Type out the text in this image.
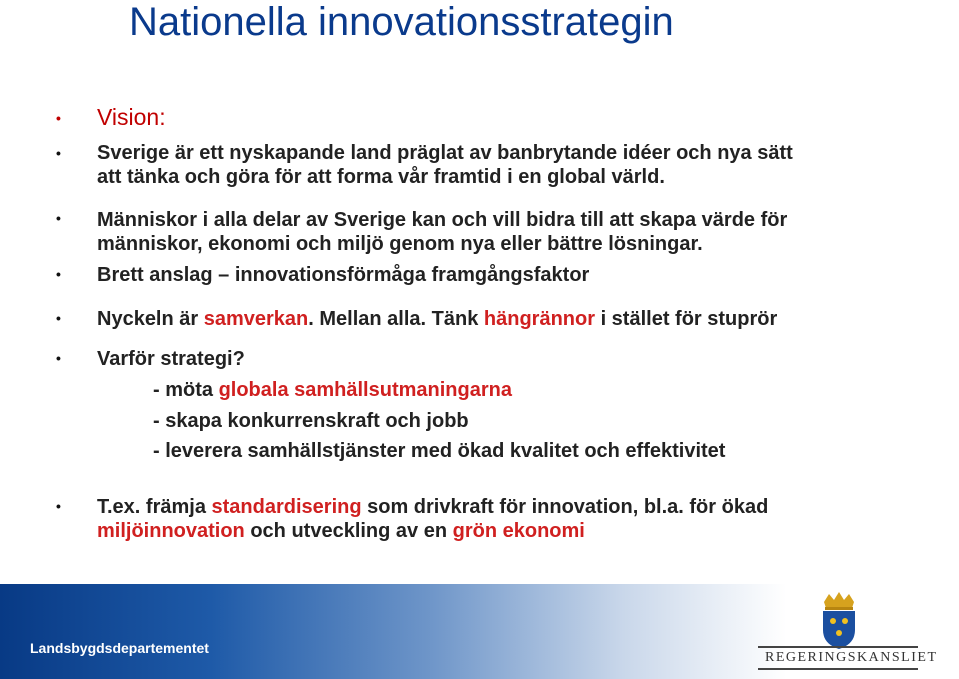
Nationella innovationsstrategin
• Vision:
• Sverige är ett nyskapande land präglat av banbrytande idéer och nya sätt
att tänka och göra för att forma vår framtid i en global värld.
• Människor i alla delar av Sverige kan och vill bidra till att skapa värde för
människor, ekonomi och miljö genom nya eller bättre lösningar.
• Brett anslag – innovationsförmåga framgångsfaktor
• Nyckeln är samverkan. Mellan alla. Tänk hängrännor i stället för stuprör
• Varför strategi?
- möta globala samhällsutmaningarna
- skapa konkurrenskraft och jobb
- leverera samhällstjänster med ökad kvalitet och effektivitet
• T.ex. främja standardisering som drivkraft för innovation, bl.a. för ökad
miljöinnovation och utveckling av en grön ekonomi
Landsbygdsdepartementet
REGERINGSKANSLIET
